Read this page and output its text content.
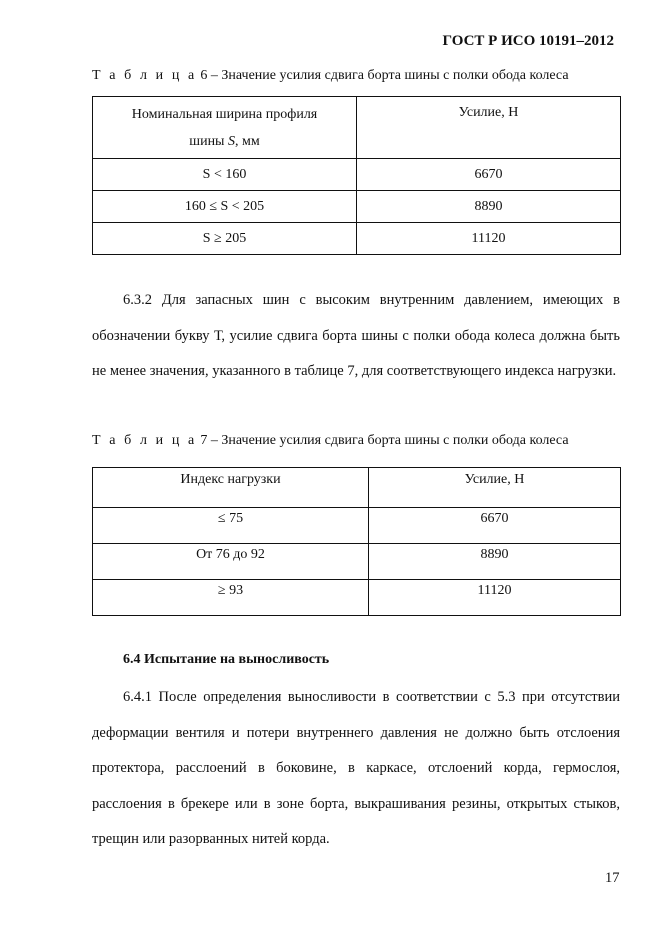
ГОСТ Р ИСО 10191–2012
Т а б л и ц а 6 – Значение усилия сдвига борта шины с полки обода колеса
Номинальная ширина профиля
шины S, мм	Усилие, Н
S < 160	6670
160 ≤ S < 205	8890
S ≥ 205	11120
6.3.2 Для запасных шин с высоким внутренним давлением, имеющих в обозначении букву Т, усилие сдвига борта шины с полки обода колеса должна быть не менее значения, указанного в таблице 7, для соответствующего индекса нагрузки.
Т а б л и ц а 7 – Значение усилия сдвига борта шины с полки обода колеса
Индекс нагрузки	Усилие, Н
≤ 75	6670
От 76 до 92	8890
≥ 93	11120
6.4 Испытание на выносливость
6.4.1 После определения выносливости в соответствии с 5.3 при отсутствии деформации вентиля и потери внутреннего давления не должно быть отслоения протектора, расслоений в боковине, в каркасе, отслоений корда, гермослоя, расслоения в брекере или в зоне борта, выкрашивания резины, открытых стыков, трещин или разорванных нитей корда.
17
